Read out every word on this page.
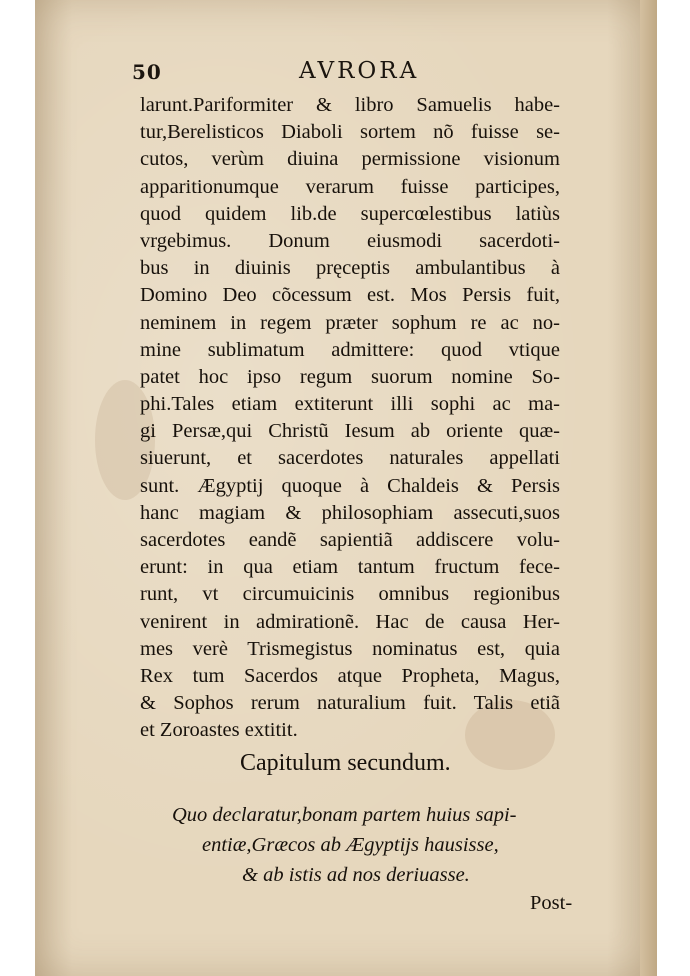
50	AVRORA
larunt.Pariformiter & libro Samuelis habe-
tur,Berelisticos Diaboli sortem nõ fuisse se-
cutos, verùm diuina permissione visionum
apparitionumque verarum fuisse participes,
quod quidem lib.de supercœlestibus latiùs
vrgebimus. Donum eiusmodi sacerdoti-
bus in diuinis pręceptis ambulantibus à
Domino Deo cõcessum est. Mos Persis fuit,
neminem in regem præter sophum re ac no-
mine sublimatum admittere: quod vtique
patet hoc ipso regum suorum nomine So-
phi.Tales etiam extiterunt illi sophi ac ma-
gi Persæ,qui Christũ Iesum ab oriente quæ-
siuerunt, et sacerdotes naturales appellati
sunt. Ægyptij quoque à Chaldeis & Persis
hanc magiam & philosophiam assecuti,suos
sacerdotes eandẽ sapientiã addiscere volu-
erunt: in qua etiam tantum fructum fece-
runt, vt circumuicinis omnibus regionibus
venirent in admirationẽ. Hac de causa Her-
mes verè Trismegistus nominatus est, quia
Rex tum Sacerdos atque Propheta, Magus,
& Sophos rerum naturalium fuit. Talis etiã
et Zoroastes extitit.
Capitulum secundum.
Quo declaratur,bonam partem huius sapi-
entiæ,Græcos ab Ægyptijs hausisse,
& ab istis ad nos deriuasse.
Post-
